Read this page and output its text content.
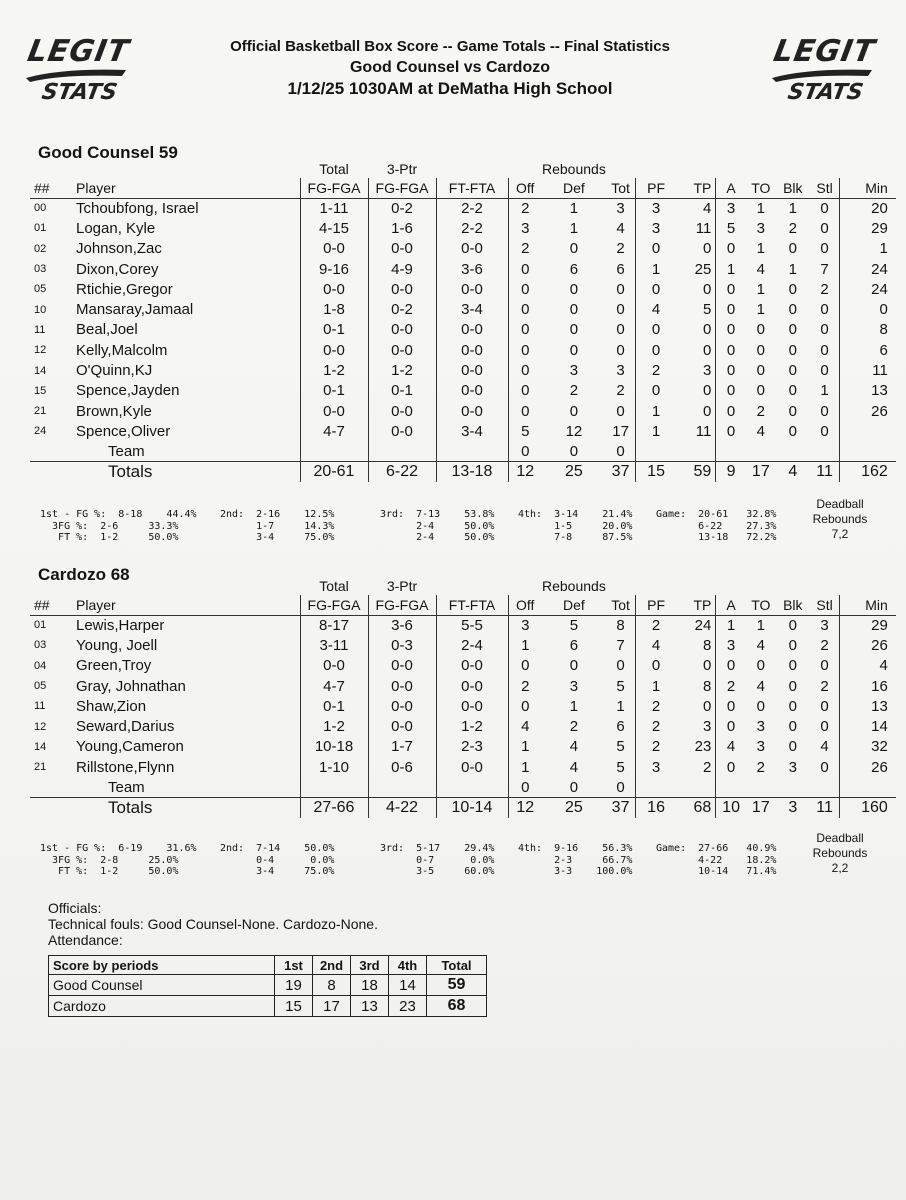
LEGIT
STATS
LEGIT
STATS
Official Basketball Box Score -- Game Totals -- Final Statistics
Good Counsel vs Cardozo
1/12/25 1030AM at DeMatha High School
Good Counsel 59
Cardozo 68
		Total	3-Ptr			Rebounds								
##	Player	FG-FGA	FG-FGA	FT-FTA	Off	Def	Tot	PF	TP	A	TO	Blk	Stl	Min
00	Tchoubfong, Israel	1-11	0-2	2-2	2	1	3	3	4	3	1	1	0	20
01	Logan, Kyle	4-15	1-6	2-2	3	1	4	3	11	5	3	2	0	29
02	Johnson,Zac	0-0	0-0	0-0	2	0	2	0	0	0	1	0	0	1
03	Dixon,Corey	9-16	4-9	3-6	0	6	6	1	25	1	4	1	7	24
05	Rtichie,Gregor	0-0	0-0	0-0	0	0	0	0	0	0	1	0	2	24
10	Mansaray,Jamaal	1-8	0-2	3-4	0	0	0	4	5	0	1	0	0	0
11	Beal,Joel	0-1	0-0	0-0	0	0	0	0	0	0	0	0	0	8
12	Kelly,Malcolm	0-0	0-0	0-0	0	0	0	0	0	0	0	0	0	6
14	O'Quinn,KJ	1-2	1-2	0-0	0	3	3	2	3	0	0	0	0	11
15	Spence,Jayden	0-1	0-1	0-0	0	2	2	0	0	0	0	0	1	13
21	Brown,Kyle	0-0	0-0	0-0	0	0	0	1	0	0	2	0	0	26
24	Spence,Oliver	4-7	0-0	3-4	5	12	17	1	11	0	4	0	0	
	Team				0	0	0							
	Totals	20-61	6-22	13-18	12	25	37	15	59	9	17	4	11	162
		Total	3-Ptr			Rebounds								
##	Player	FG-FGA	FG-FGA	FT-FTA	Off	Def	Tot	PF	TP	A	TO	Blk	Stl	Min
01	Lewis,Harper	8-17	3-6	5-5	3	5	8	2	24	1	1	0	3	29
03	Young, Joell	3-11	0-3	2-4	1	6	7	4	8	3	4	0	2	26
04	Green,Troy	0-0	0-0	0-0	0	0	0	0	0	0	0	0	0	4
05	Gray, Johnathan	4-7	0-0	0-0	2	3	5	1	8	2	4	0	2	16
11	Shaw,Zion	0-1	0-0	0-0	0	1	1	2	0	0	0	0	0	13
12	Seward,Darius	1-2	0-0	1-2	4	2	6	2	3	0	3	0	0	14
14	Young,Cameron	10-18	1-7	2-3	1	4	5	2	23	4	3	0	4	32
21	Rillstone,Flynn	1-10	0-6	0-0	1	4	5	3	2	0	2	3	0	26
	Team				0	0	0							
	Totals	27-66	4-22	10-14	12	25	37	16	68	10	17	3	11	160
1st - FG %:  8-18    44.4%
3FG %:  2-6     33.3%
FT %:  1-2     50.0%
2nd:  2-16    12.5%
1-7     14.3%
3-4     75.0%
3rd:  7-13    53.8%
2-4     50.0%
2-4     50.0%
4th:  3-14    21.4%
1-5     20.0%
7-8     87.5%
Game:  20-61   32.8%
6-22    27.3%
13-18   72.2%
Deadball
Rebounds
7,2
1st - FG %:  6-19    31.6%
3FG %:  2-8     25.0%
FT %:  1-2     50.0%
2nd:  7-14    50.0%
0-4      0.0%
3-4     75.0%
3rd:  5-17    29.4%
0-7      0.0%
3-5     60.0%
4th:  9-16    56.3%
2-3     66.7%
3-3    100.0%
Game:  27-66   40.9%
4-22    18.2%
10-14   71.4%
Deadball
Rebounds
2,2
Officials:
Technical fouls: Good Counsel-None. Cardozo-None.
Attendance:
Score by periods	1st	2nd	3rd	4th	Total
Good Counsel	19	8	18	14	59
Cardozo	15	17	13	23	68
